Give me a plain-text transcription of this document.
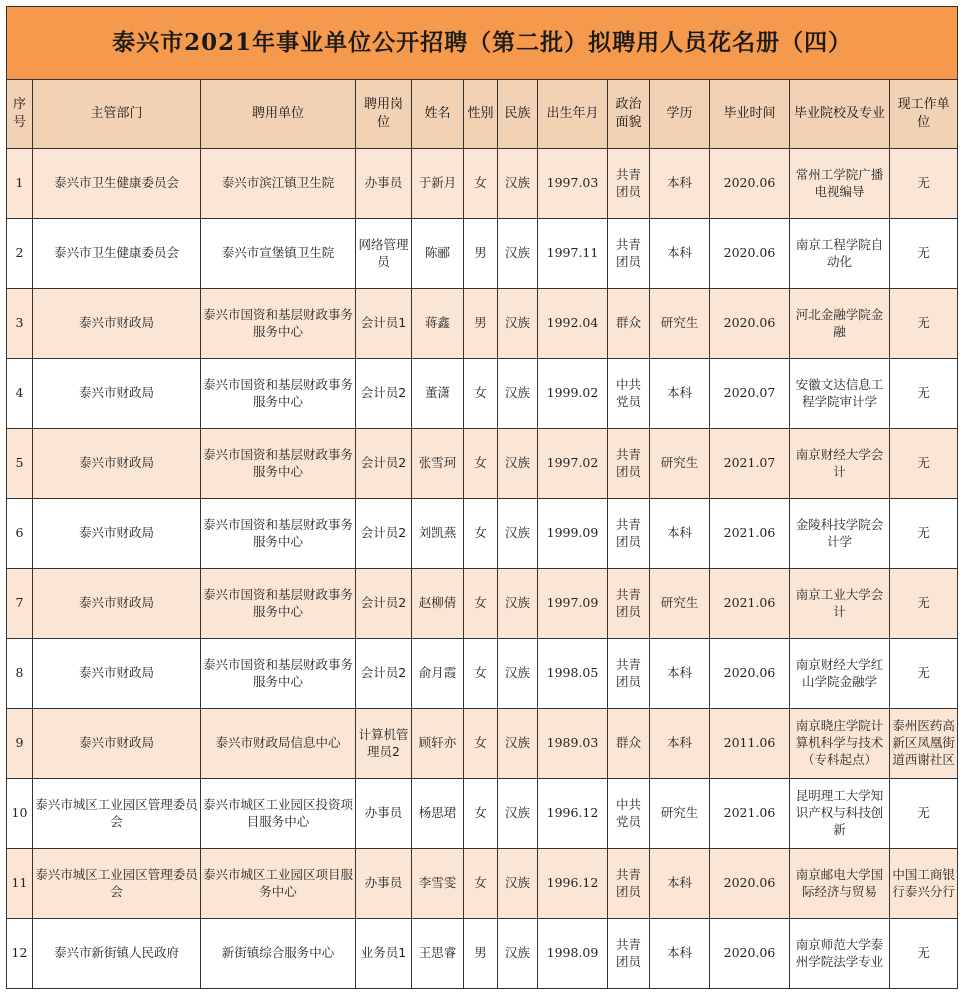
泰兴市2021年事业单位公开招聘（第二批）拟聘用人员花名册（四）												
序号	主管部门	聘用单位	聘用岗位	姓名	性别	民族	出生年月	政治面貌	学历	毕业时间	毕业院校及专业	现工作单位
1	泰兴市卫生健康委员会	泰兴市滨江镇卫生院	办事员	于新月	女	汉族	1997.03	共青团员	本科	2020.06	常州工学院广播电视编导	无
2	泰兴市卫生健康委员会	泰兴市宣堡镇卫生院	网络管理员	陈郦	男	汉族	1997.11	共青团员	本科	2020.06	南京工程学院自动化	无
3	泰兴市财政局	泰兴市国资和基层财政事务服务中心	会计员1	蒋鑫	男	汉族	1992.04	群众	研究生	2020.06	河北金融学院金融	无
4	泰兴市财政局	泰兴市国资和基层财政事务服务中心	会计员2	董潇	女	汉族	1999.02	中共党员	本科	2020.07	安徽文达信息工程学院审计学	无
5	泰兴市财政局	泰兴市国资和基层财政事务服务中心	会计员2	张雪珂	女	汉族	1997.02	共青团员	研究生	2021.07	南京财经大学会计	无
6	泰兴市财政局	泰兴市国资和基层财政事务服务中心	会计员2	刘凯燕	女	汉族	1999.09	共青团员	本科	2021.06	金陵科技学院会计学	无
7	泰兴市财政局	泰兴市国资和基层财政事务服务中心	会计员2	赵柳倩	女	汉族	1997.09	共青团员	研究生	2021.06	南京工业大学会计	无
8	泰兴市财政局	泰兴市国资和基层财政事务服务中心	会计员2	俞月霞	女	汉族	1998.05	共青团员	本科	2020.06	南京财经大学红山学院金融学	无
9	泰兴市财政局	泰兴市财政局信息中心	计算机管理员2	顾轩亦	女	汉族	1989.03	群众	本科	2011.06	南京晓庄学院计算机科学与技术（专科起点）	泰州医药高新区凤凰街道西谢社区
10	泰兴市城区工业园区管理委员会	泰兴市城区工业园区投资项目服务中心	办事员	杨思珺	女	汉族	1996.12	中共党员	研究生	2021.06	昆明理工大学知识产权与科技创新	无
11	泰兴市城区工业园区管理委员会	泰兴市城区工业园区项目服务中心	办事员	李雪雯	女	汉族	1996.12	共青团员	本科	2020.06	南京邮电大学国际经济与贸易	中国工商银行泰兴分行
12	泰兴市新街镇人民政府	新街镇综合服务中心	业务员1	王思睿	男	汉族	1998.09	共青团员	本科	2020.06	南京师范大学泰州学院法学专业	无
